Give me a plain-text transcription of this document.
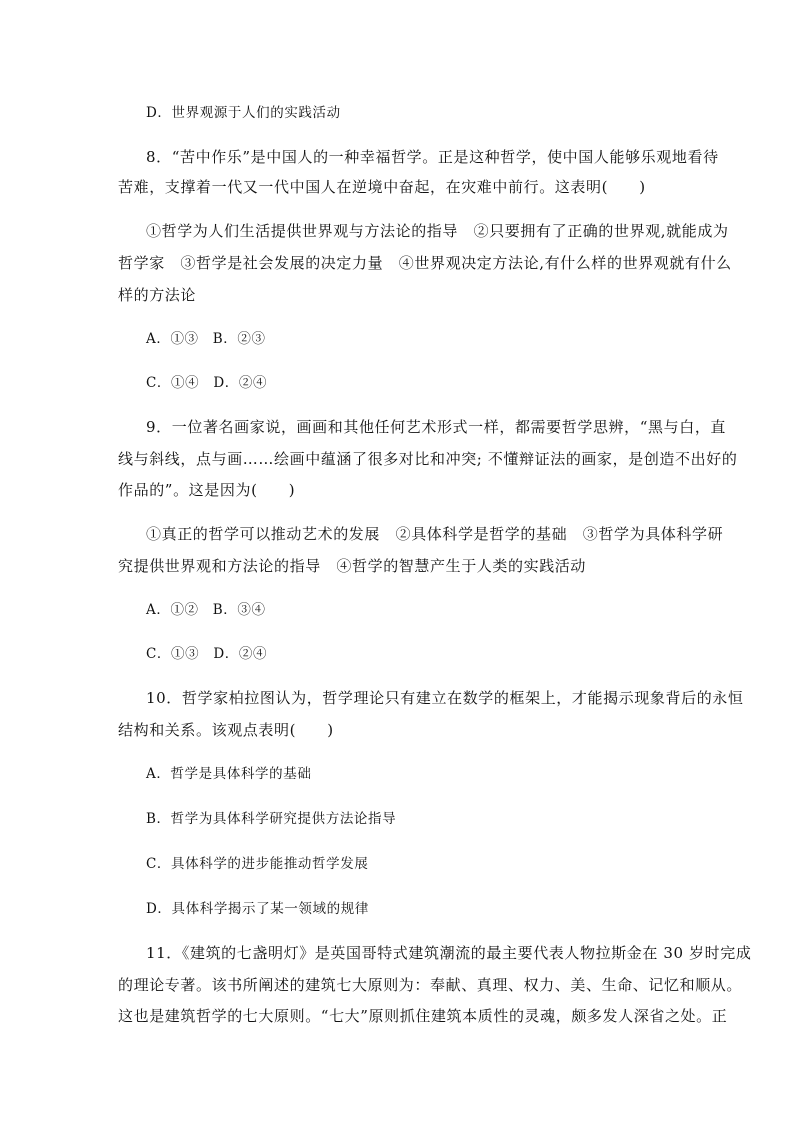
D．世界观源于人们的实践活动
8．“苦中作乐”是中国人的一种幸福哲学。正是这种哲学，使中国人能够乐观地看待
苦难，支撑着一代又一代中国人在逆境中奋起，在灾难中前行。这表明(　　)
①哲学为人们生活提供世界观与方法论的指导　②只要拥有了正确的世界观,就能成为
哲学家　③哲学是社会发展的决定力量　④世界观决定方法论,有什么样的世界观就有什么
样的方法论
A．①③　B．②③
C．①④　D．②④
9．一位著名画家说，画画和其他任何艺术形式一样，都需要哲学思辨，“黑与白，直
线与斜线，点与画……绘画中蕴涵了很多对比和冲突; 不懂辩证法的画家，是创造不出好的
作品的”。这是因为(　　)
①真正的哲学可以推动艺术的发展　②具体科学是哲学的基础　③哲学为具体科学研
究提供世界观和方法论的指导　④哲学的智慧产生于人类的实践活动
A．①②　B．③④
C．①③　D．②④
10．哲学家柏拉图认为，哲学理论只有建立在数学的框架上，才能揭示现象背后的永恒
结构和关系。该观点表明(　　)
A．哲学是具体科学的基础
B．哲学为具体科学研究提供方法论指导
C．具体科学的进步能推动哲学发展
D．具体科学揭示了某一领域的规律
11．《建筑的七盏明灯》是英国哥特式建筑潮流的最主要代表人物拉斯金在 30 岁时完成
的理论专著。该书所阐述的建筑七大原则为：奉献、真理、权力、美、生命、记忆和顺从。
这也是建筑哲学的七大原则。“七大”原则抓住建筑本质性的灵魂，颇多发人深省之处。正
